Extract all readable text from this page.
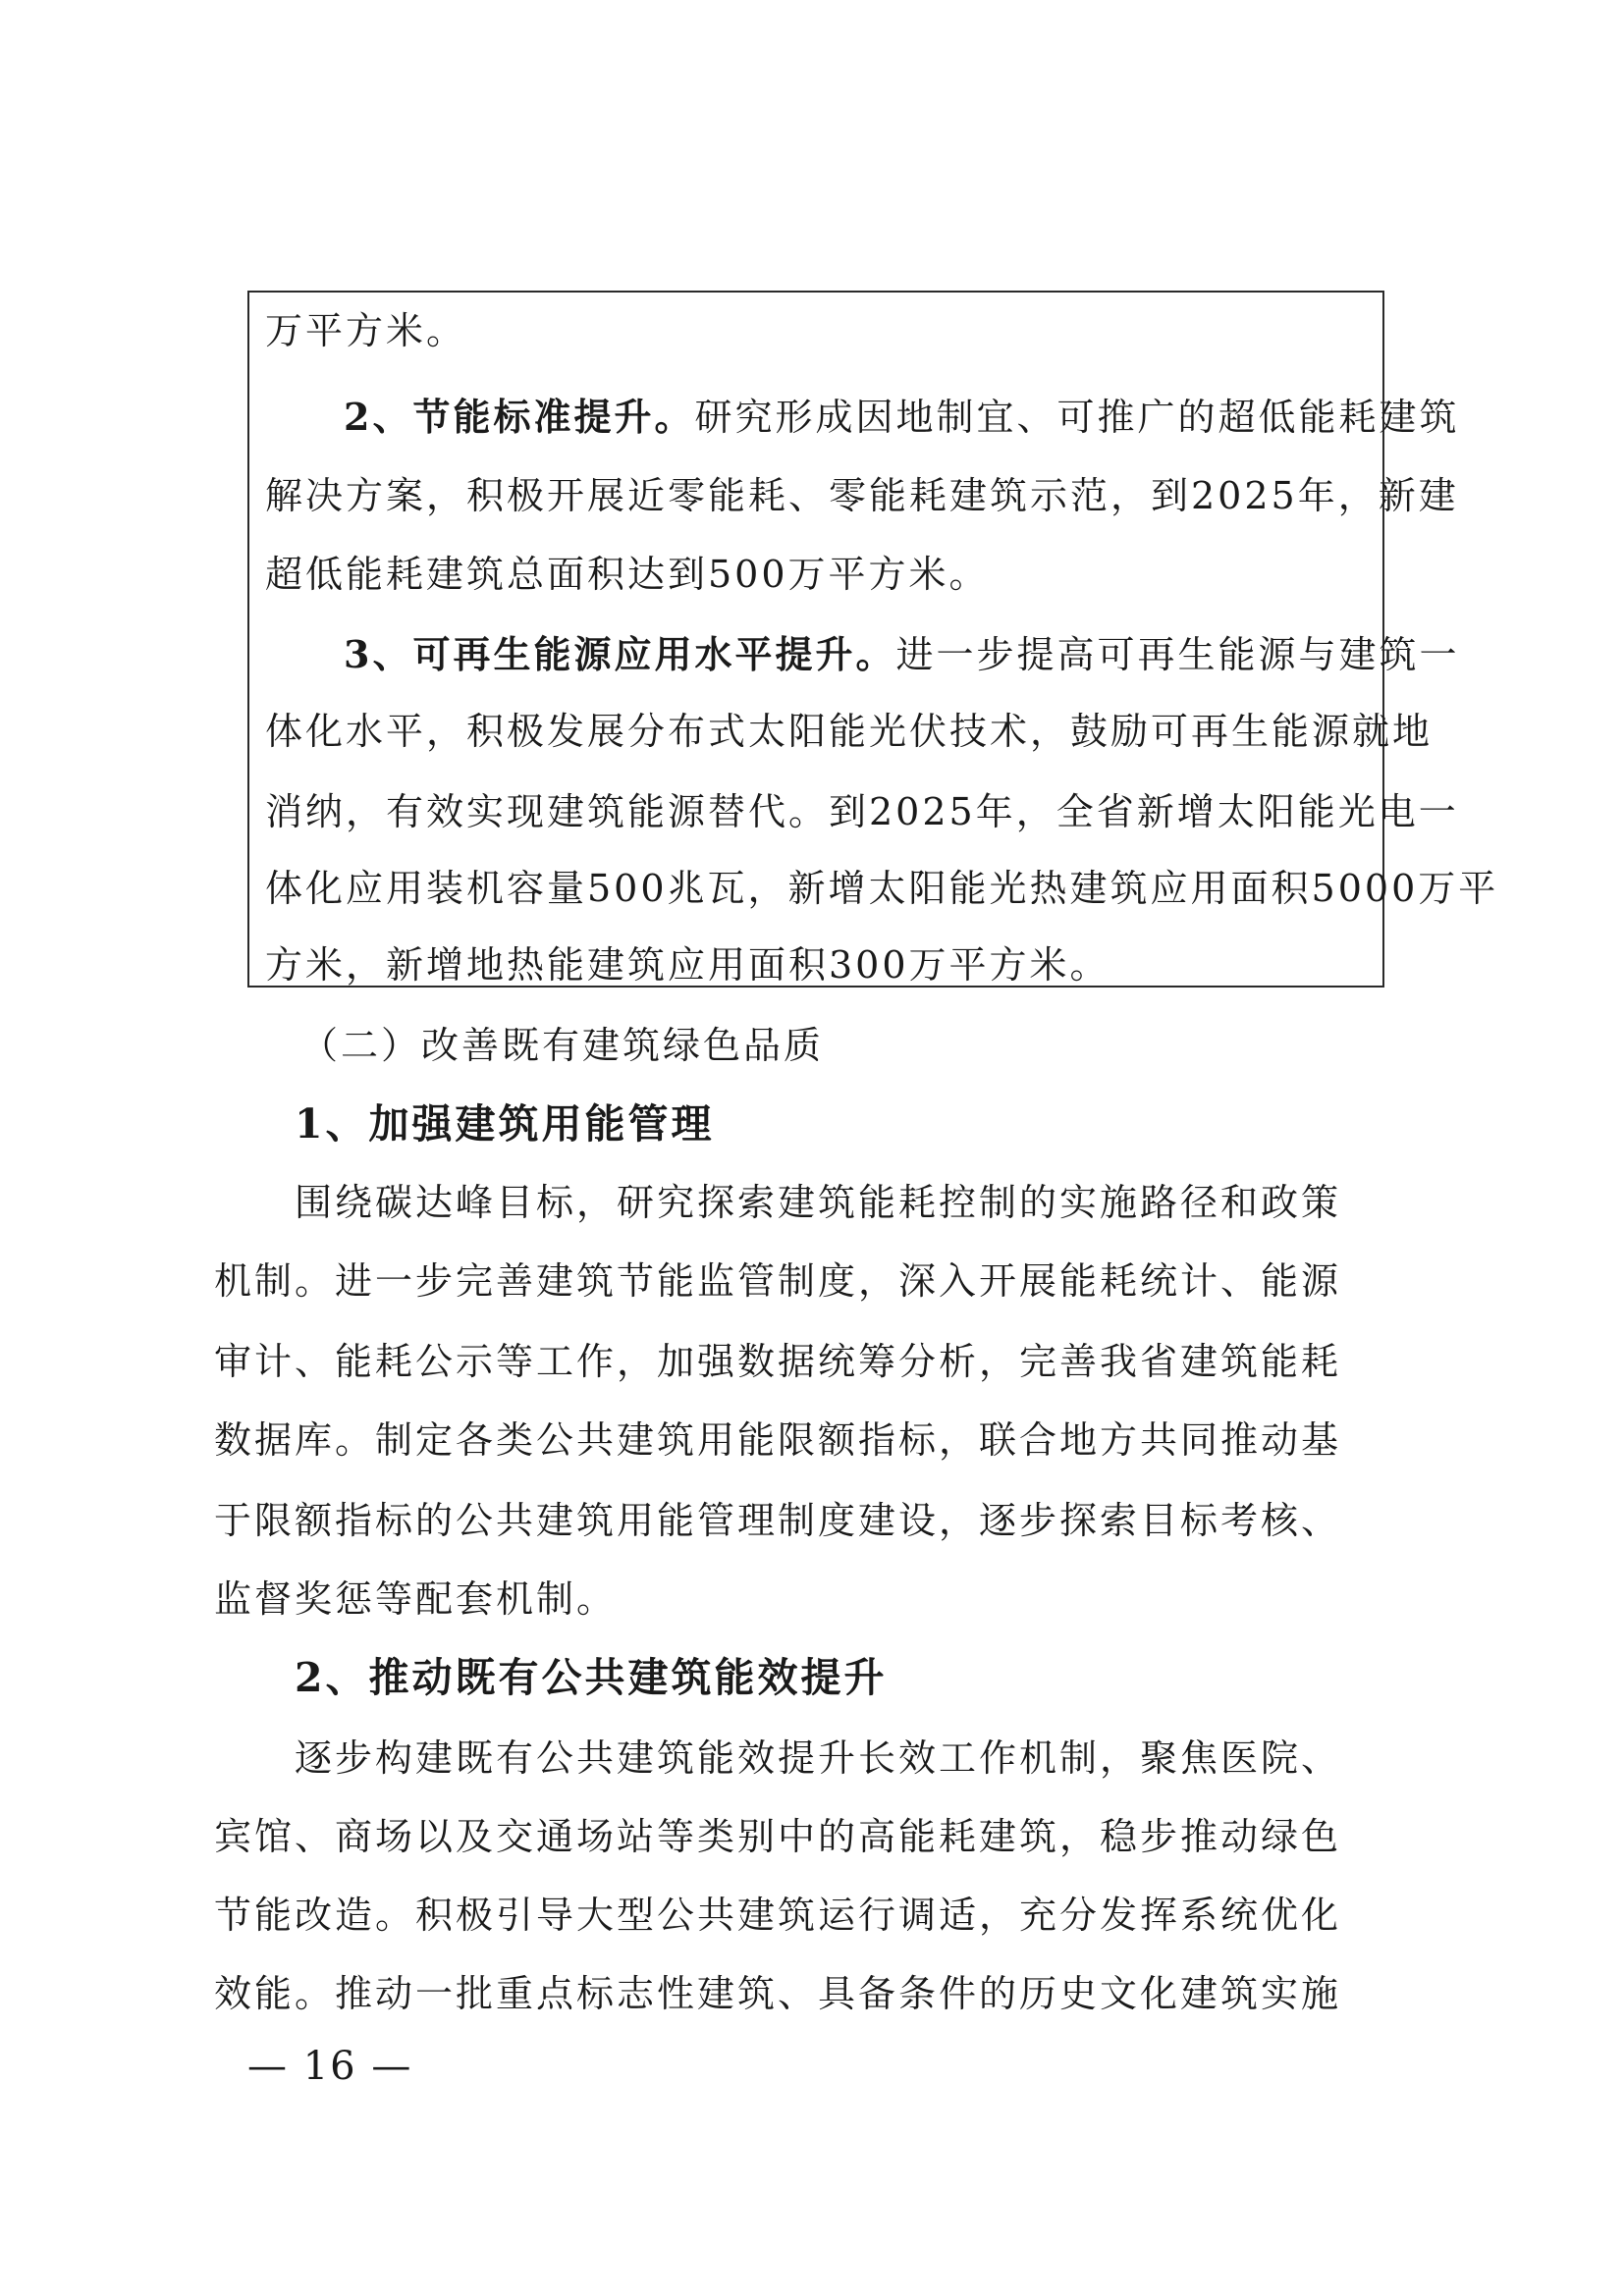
万平方米。
2、节能标准提升。研究形成因地制宜、可推广的超低能耗建筑
解决方案，积极开展近零能耗、零能耗建筑示范，到2025年，新建
超低能耗建筑总面积达到500万平方米。
3、可再生能源应用水平提升。进一步提高可再生能源与建筑一
体化水平，积极发展分布式太阳能光伏技术，鼓励可再生能源就地
消纳，有效实现建筑能源替代。到2025年，全省新增太阳能光电一
体化应用装机容量500兆瓦，新增太阳能光热建筑应用面积5000万平
方米，新增地热能建筑应用面积300万平方米。
（二）改善既有建筑绿色品质
1、加强建筑用能管理
围绕碳达峰目标，研究探索建筑能耗控制的实施路径和政策
机制。进一步完善建筑节能监管制度，深入开展能耗统计、能源
审计、能耗公示等工作，加强数据统筹分析，完善我省建筑能耗
数据库。制定各类公共建筑用能限额指标，联合地方共同推动基
于限额指标的公共建筑用能管理制度建设，逐步探索目标考核、
监督奖惩等配套机制。
2、推动既有公共建筑能效提升
逐步构建既有公共建筑能效提升长效工作机制，聚焦医院、
宾馆、商场以及交通场站等类别中的高能耗建筑，稳步推动绿色
节能改造。积极引导大型公共建筑运行调适，充分发挥系统优化
效能。推动一批重点标志性建筑、具备条件的历史文化建筑实施
— 16 —
